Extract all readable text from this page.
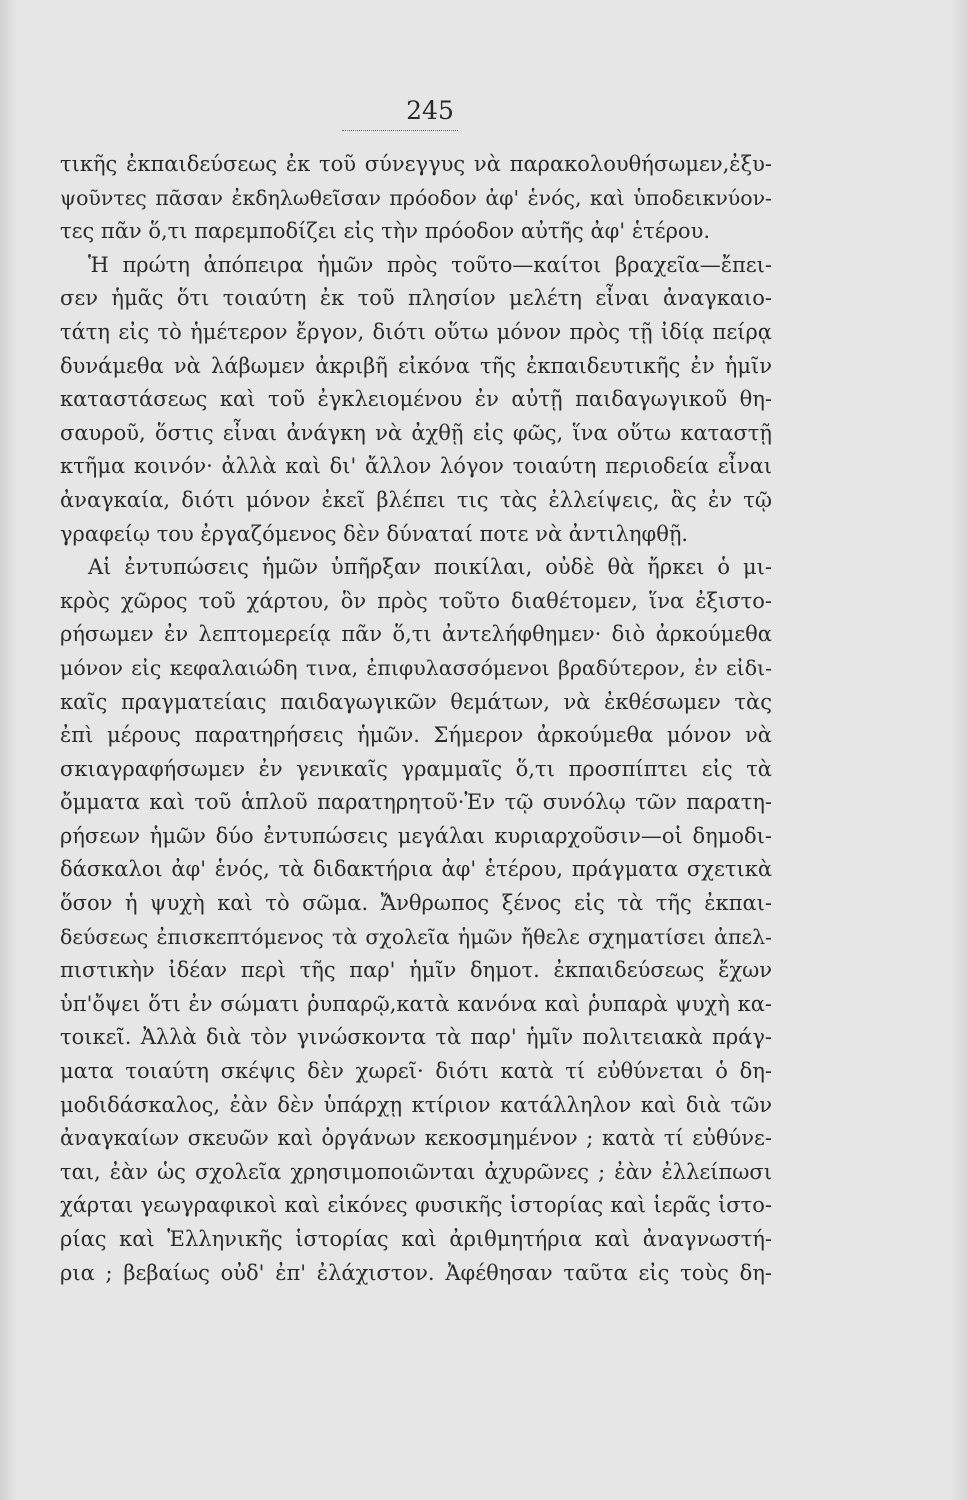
245
τικῆς ἐκπαιδεύσεως ἐκ τοῦ σύνεγγυς νὰ παρακολουθήσωμεν,ἐξυ-
ψοῦντες πᾶσαν ἐκδηλωθεῖσαν πρόοδον ἀφ' ἑνός, καὶ ὑποδεικνύον-
τες πᾶν ὅ,τι παρεμποδίζει εἰς τὴν πρόοδον αὐτῆς ἀφ' ἑτέρου.
Ἡ πρώτη ἀπόπειρα ἡμῶν πρὸς τοῦτο—καίτοι βραχεῖα—ἔπει-
σεν ἡμᾶς ὅτι τοιαύτη ἐκ τοῦ πλησίον μελέτη εἶναι ἀναγκαιο-
τάτη εἰς τὸ ἡμέτερον ἔργον, διότι οὕτω μόνον πρὸς τῇ ἰδίᾳ πείρᾳ
δυνάμεθα νὰ λάβωμεν ἀκριβῆ εἰκόνα τῆς ἐκπαιδευτικῆς ἐν ἡμῖν
καταστάσεως καὶ τοῦ ἐγκλειομένου ἐν αὐτῇ παιδαγωγικοῦ θη-
σαυροῦ, ὅστις εἶναι ἀνάγκη νὰ ἀχθῇ εἰς φῶς, ἵνα οὕτω καταστῇ
κτῆμα κοινόν· ἀλλὰ καὶ δι' ἄλλον λόγον τοιαύτη περιοδεία εἶναι
ἀναγκαία, διότι μόνον ἐκεῖ βλέπει τις τὰς ἐλλείψεις, ἃς ἐν τῷ
γραφείῳ του ἐργαζόμενος δὲν δύναταί ποτε νὰ ἀντιληφθῇ.
Αἱ ἐντυπώσεις ἡμῶν ὑπῆρξαν ποικίλαι, οὐδὲ θὰ ἤρκει ὁ μι-
κρὸς χῶρος τοῦ χάρτου, ὃν πρὸς τοῦτο διαθέτομεν, ἵνα ἐξιστο-
ρήσωμεν ἐν λεπτομερείᾳ πᾶν ὅ,τι ἀντελήφθημεν· διὸ ἀρκούμεθα
μόνον εἰς κεφαλαιώδη τινα, ἐπιφυλασσόμενοι βραδύτερον, ἐν εἰδι-
καῖς πραγματείαις παιδαγωγικῶν θεμάτων, νὰ ἐκθέσωμεν τὰς
ἐπὶ μέρους παρατηρήσεις ἡμῶν. Σήμερον ἀρκούμεθα μόνον νὰ
σκιαγραφήσωμεν ἐν γενικαῖς γραμμαῖς ὅ,τι προσπίπτει εἰς τὰ
ὄμματα καὶ τοῦ ἁπλοῦ παρατηρητοῦ·Ἐν τῷ συνόλῳ τῶν παρατη-
ρήσεων ἡμῶν δύο ἐντυπώσεις μεγάλαι κυριαρχοῦσιν—οἱ δημοδι-
δάσκαλοι ἀφ' ἑνός, τὰ διδακτήρια ἀφ' ἑτέρου, πράγματα σχετικὰ
ὅσον ἡ ψυχὴ καὶ τὸ σῶμα. Ἄνθρωπος ξένος εἰς τὰ τῆς ἐκπαι-
δεύσεως ἐπισκεπτόμενος τὰ σχολεῖα ἡμῶν ἤθελε σχηματίσει ἀπελ-
πιστικὴν ἰδέαν περὶ τῆς παρ' ἡμῖν δημοτ. ἐκπαιδεύσεως ἔχων
ὑπ'ὄψει ὅτι ἐν σώματι ῥυπαρῷ,κατὰ κανόνα καὶ ῥυπαρὰ ψυχὴ κα-
τοικεῖ. Ἀλλὰ διὰ τὸν γινώσκοντα τὰ παρ' ἡμῖν πολιτειακὰ πράγ-
ματα τοιαύτη σκέψις δὲν χωρεῖ· διότι κατὰ τί εὐθύνεται ὁ δη-
μοδιδάσκαλος, ἐὰν δὲν ὑπάρχῃ κτίριον κατάλληλον καὶ διὰ τῶν
ἀναγκαίων σκευῶν καὶ ὀργάνων κεκοσμημένον ; κατὰ τί εὐθύνε-
ται, ἐὰν ὡς σχολεῖα χρησιμοποιῶνται ἀχυρῶνες ; ἐὰν ἐλλείπωσι
χάρται γεωγραφικοὶ καὶ εἰκόνες φυσικῆς ἱστορίας καὶ ἱερᾶς ἱστο-
ρίας καὶ Ἑλληνικῆς ἱστορίας καὶ ἀριθμητήρια καὶ ἀναγνωστή-
ρια ; βεβαίως οὐδ' ἐπ' ἐλάχιστον. Ἀφέθησαν ταῦτα εἰς τοὺς δη-
